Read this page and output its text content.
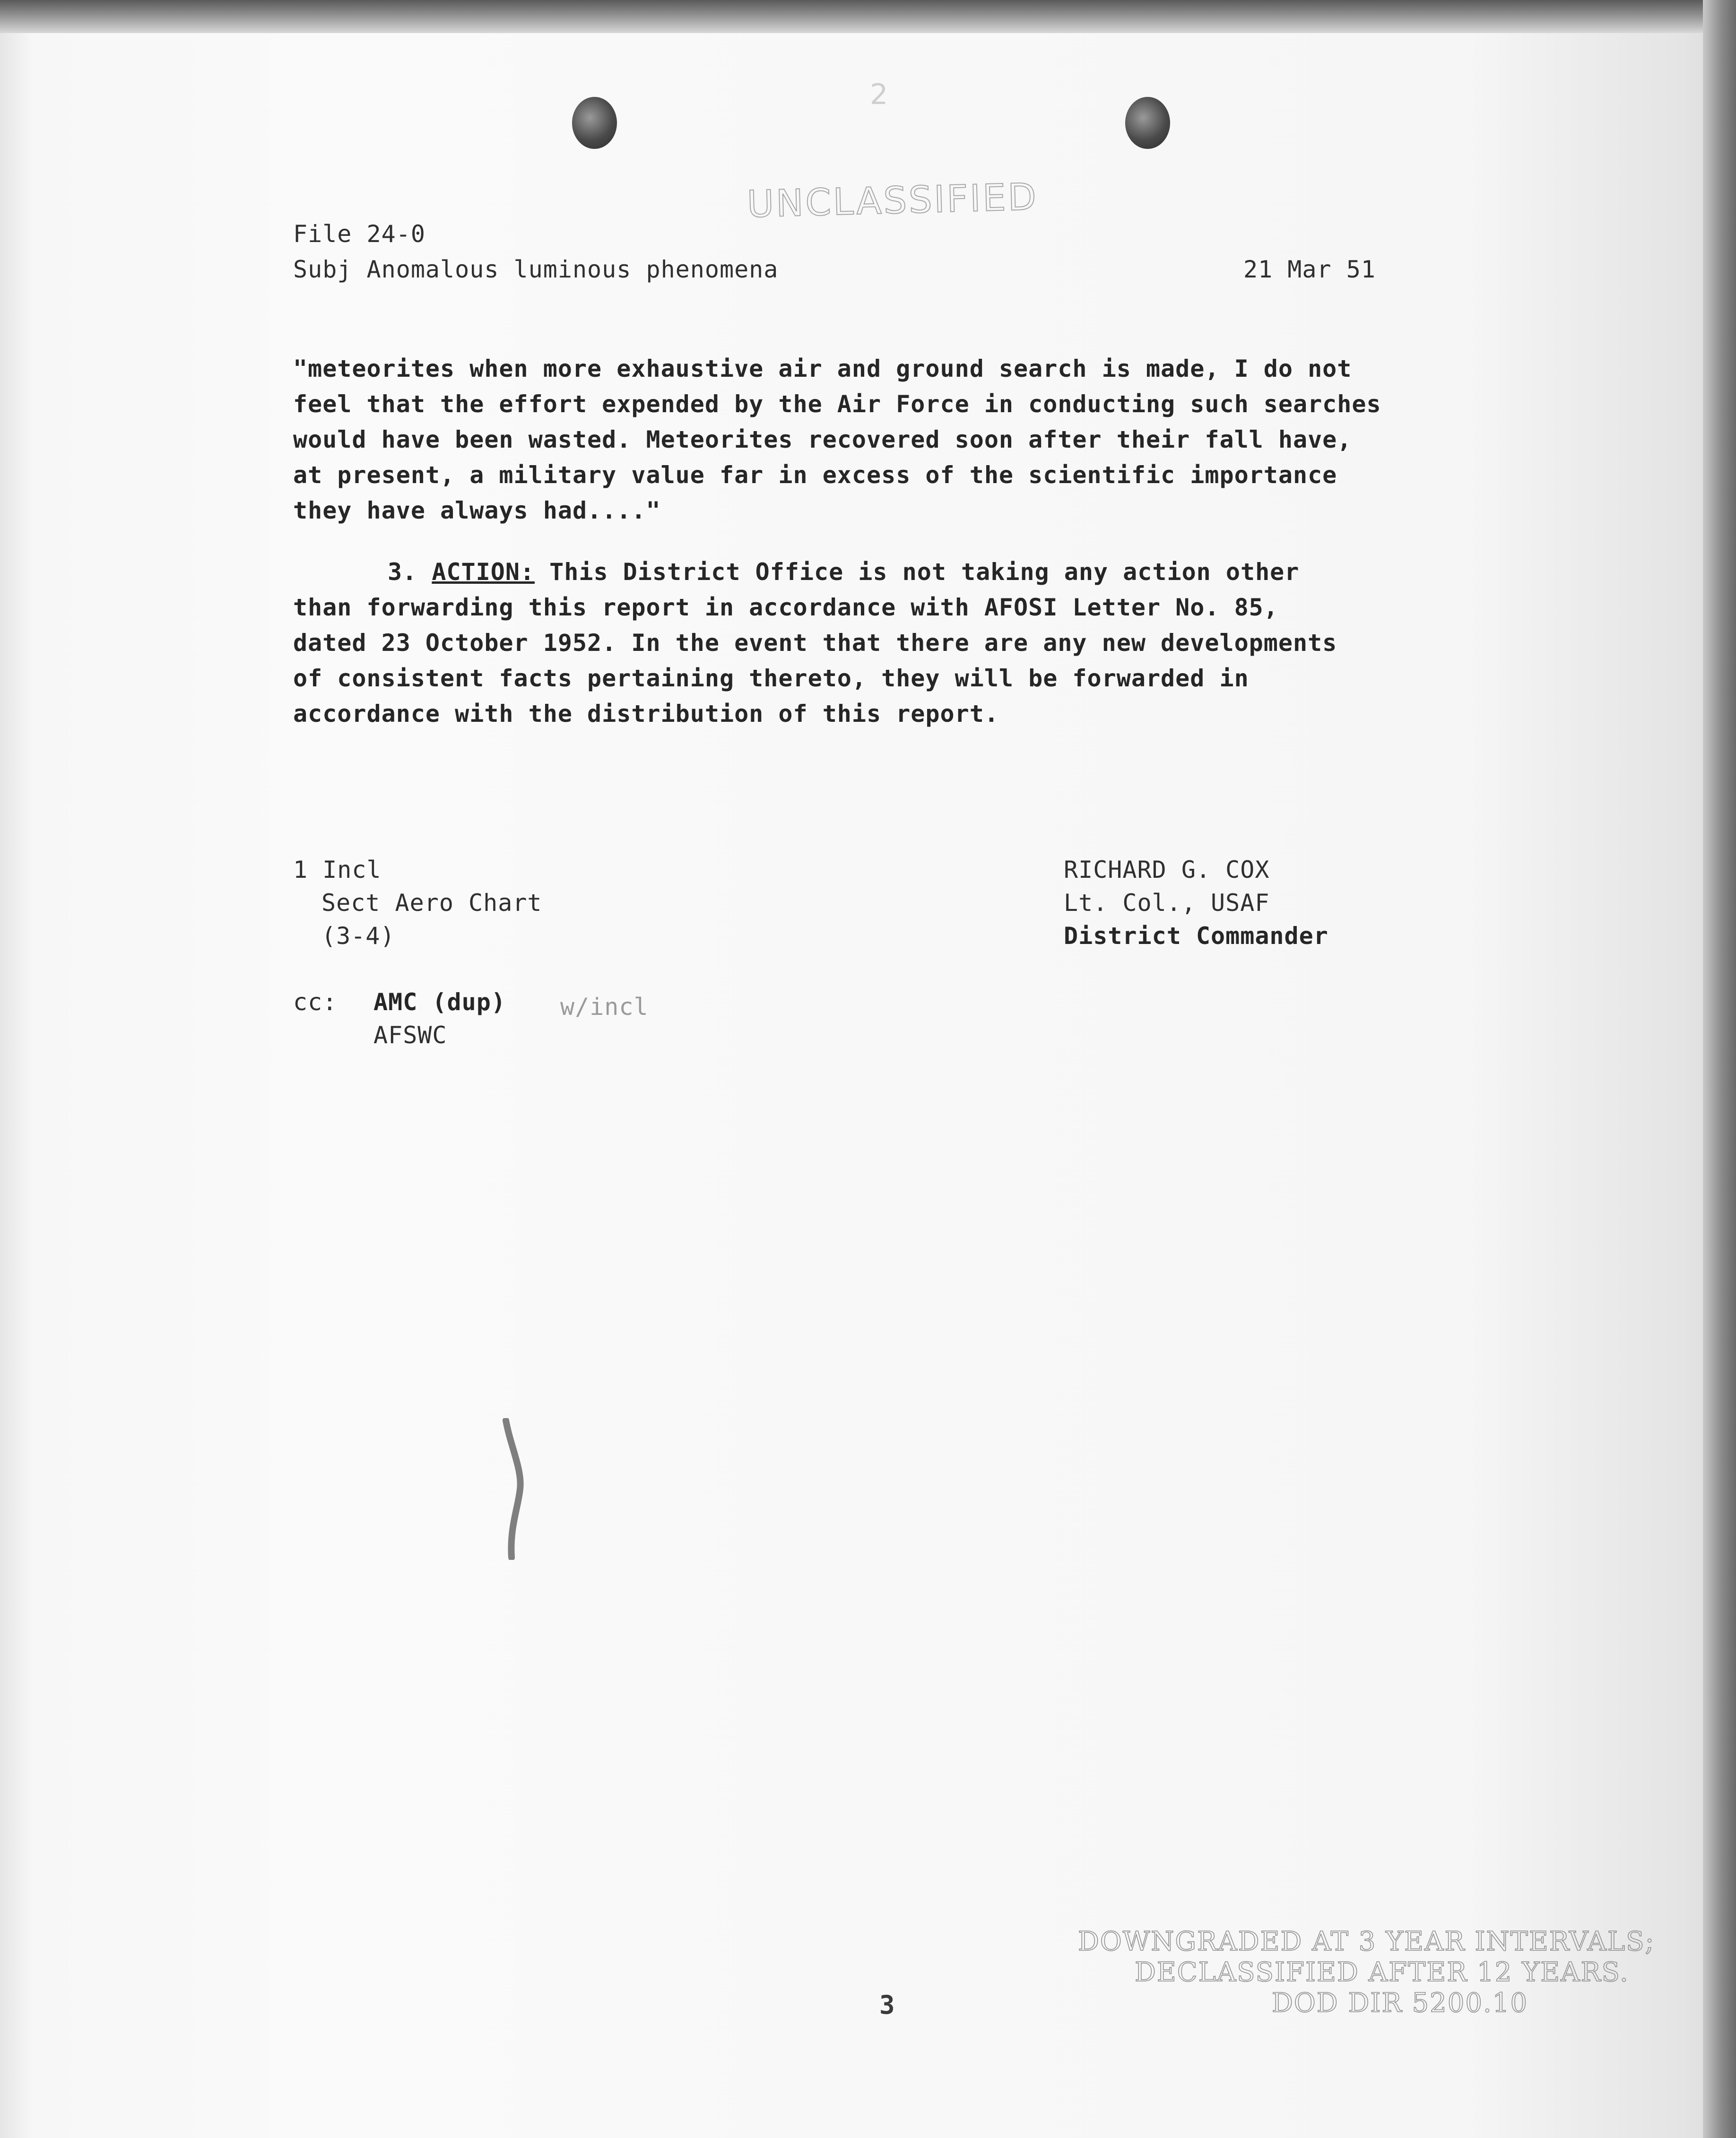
2
UNCLASSIFIED
File 24-0
Subj Anomalous luminous phenomena	21 Mar 51
"meteorites when more exhaustive air and ground search is made, I do not
feel that the effort expended by the Air Force in conducting such searches
would have been wasted. Meteorites recovered soon after their fall have,
at present, a military value far in excess of the scientific importance
they have always had...."
3. ACTION: This District Office is not taking any action other
than forwarding this report in accordance with AFOSI Letter No. 85,
dated 23 October 1952. In the event that there are any new developments
of consistent facts pertaining thereto, they will be forwarded in
accordance with the distribution of this report.
1 Incl
Sect Aero Chart
(3-4)
RICHARD G. COX
Lt. Col., USAF
District Commander
cc: AMC (dup) w/incl
AFSWC
DOWNGRADED AT 3 YEAR INTERVALS;
DECLASSIFIED AFTER 12 YEARS.
DOD DIR 5200.10
3
